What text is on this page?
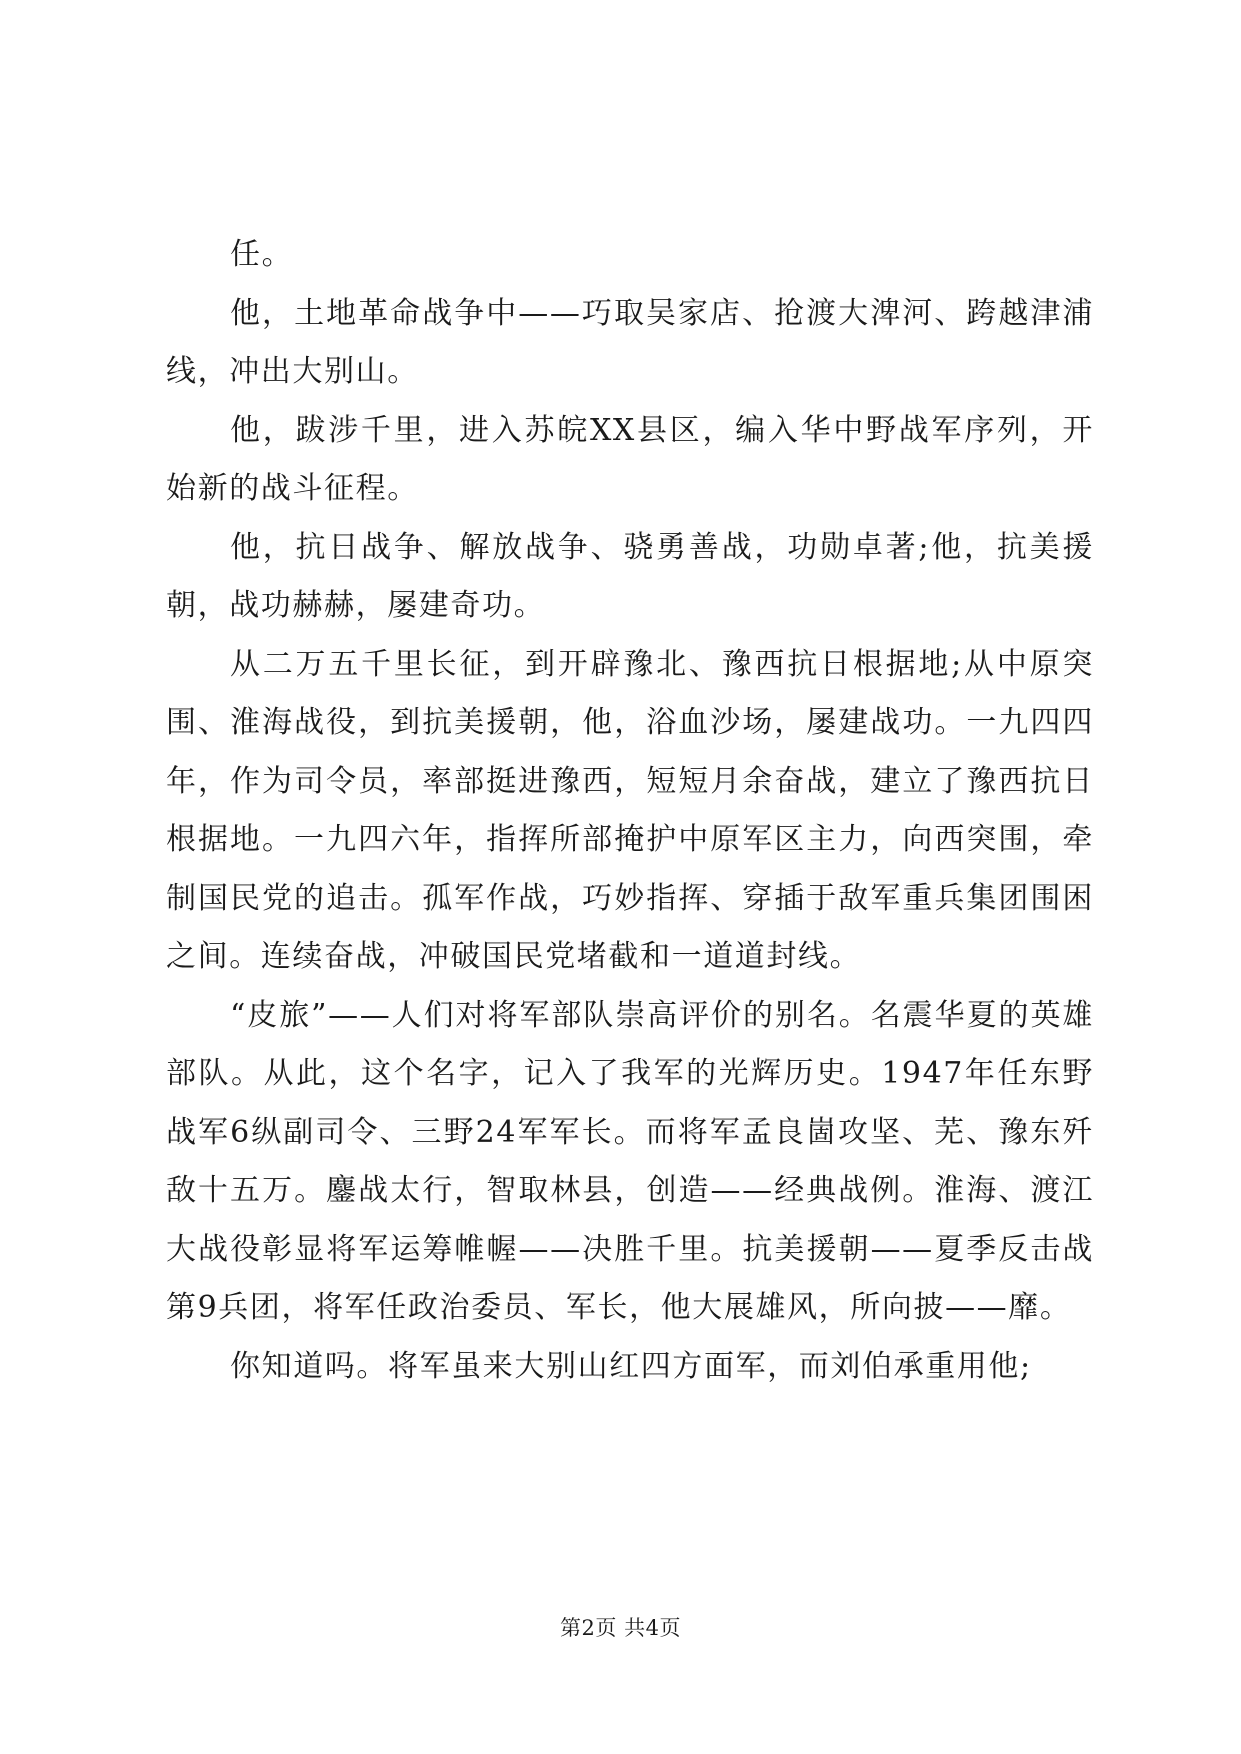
任。

他，土地革命战争中——巧取吴家店、抢渡大渒河、跨越津浦线，冲出大别山。

他，跋涉千里，进入苏皖XX县区，编入华中野战军序列，开始新的战斗征程。

他，抗日战争、解放战争、骁勇善战，功勋卓著;他，抗美援朝，战功赫赫，屡建奇功。

从二万五千里长征，到开辟豫北、豫西抗日根据地;从中原突围、淮海战役，到抗美援朝，他，浴血沙场，屡建战功。一九四四年，作为司令员，率部挺进豫西，短短月余奋战，建立了豫西抗日根据地。一九四六年，指挥所部掩护中原军区主力，向西突围，牵制国民党的追击。孤军作战，巧妙指挥、穿插于敌军重兵集团围困之间。连续奋战，冲破国民党堵截和一道道封线。

“皮旅”——人们对将军部队崇高评价的别名。名震华夏的英雄部队。从此，这个名字，记入了我军的光辉历史。1947年任东野战军6纵副司令、三野24军军长。而将军孟良崮攻坚、芜、豫东歼敌十五万。鏖战太行，智取林县，创造——经典战例。淮海、渡江大战役彰显将军运筹帷幄——决胜千里。抗美援朝——夏季反击战第9兵团，将军任政治委员、军长，他大展雄风，所向披——靡。

你知道吗。将军虽来大别山红四方面军，而刘伯承重用他;

第2页 共4页
